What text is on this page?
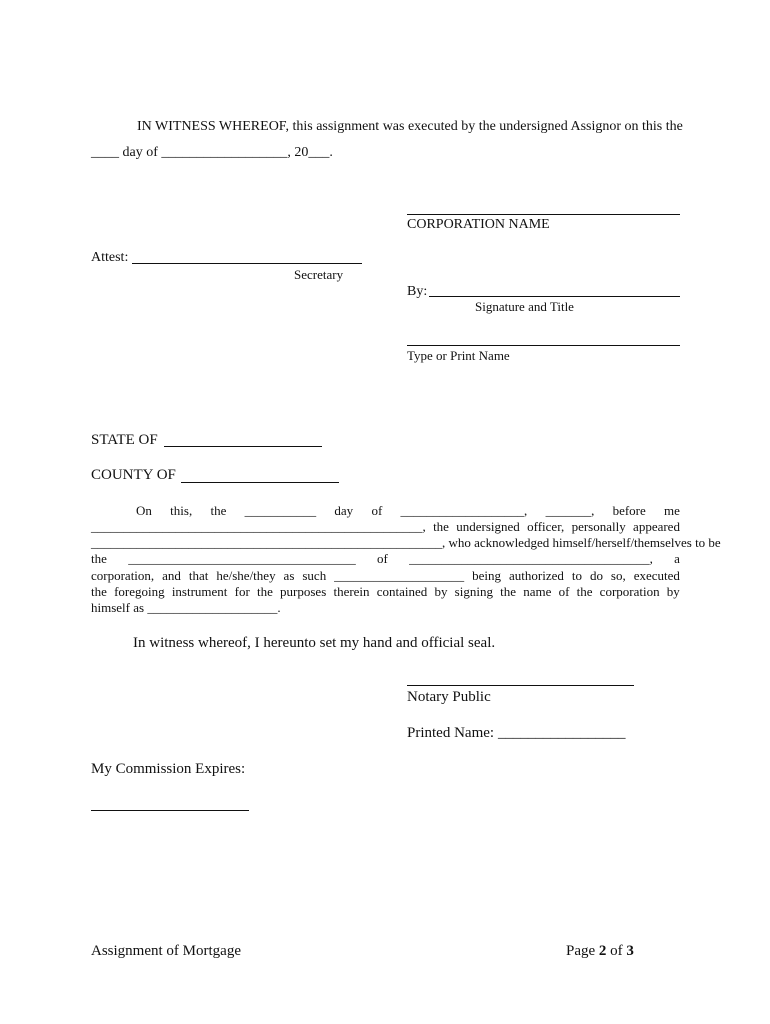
IN WITNESS WHEREOF, this assignment was executed by the undersigned Assignor on this the
____ day of __________________, 20___.
CORPORATION NAME
Attest:
Secretary
By:
Signature and Title
Type or Print Name
STATE OF
COUNTY OF
On this, the ___________ day of ___________________, _______, before me
___________________________________________________, the undersigned officer, personally appeared
______________________________________________________, who acknowledged himself/herself/themselves to be
the ___________________________________ of _____________________________________, a
corporation, and that he/she/they as such ____________________ being authorized to do so, executed
the foregoing instrument for the purposes therein contained by signing the name of the corporation by
himself as ____________________.
In witness whereof, I hereunto set my hand and official seal.
Notary Public
Printed Name: _________________
My Commission Expires:
Assignment of Mortgage	Page 2 of 3
